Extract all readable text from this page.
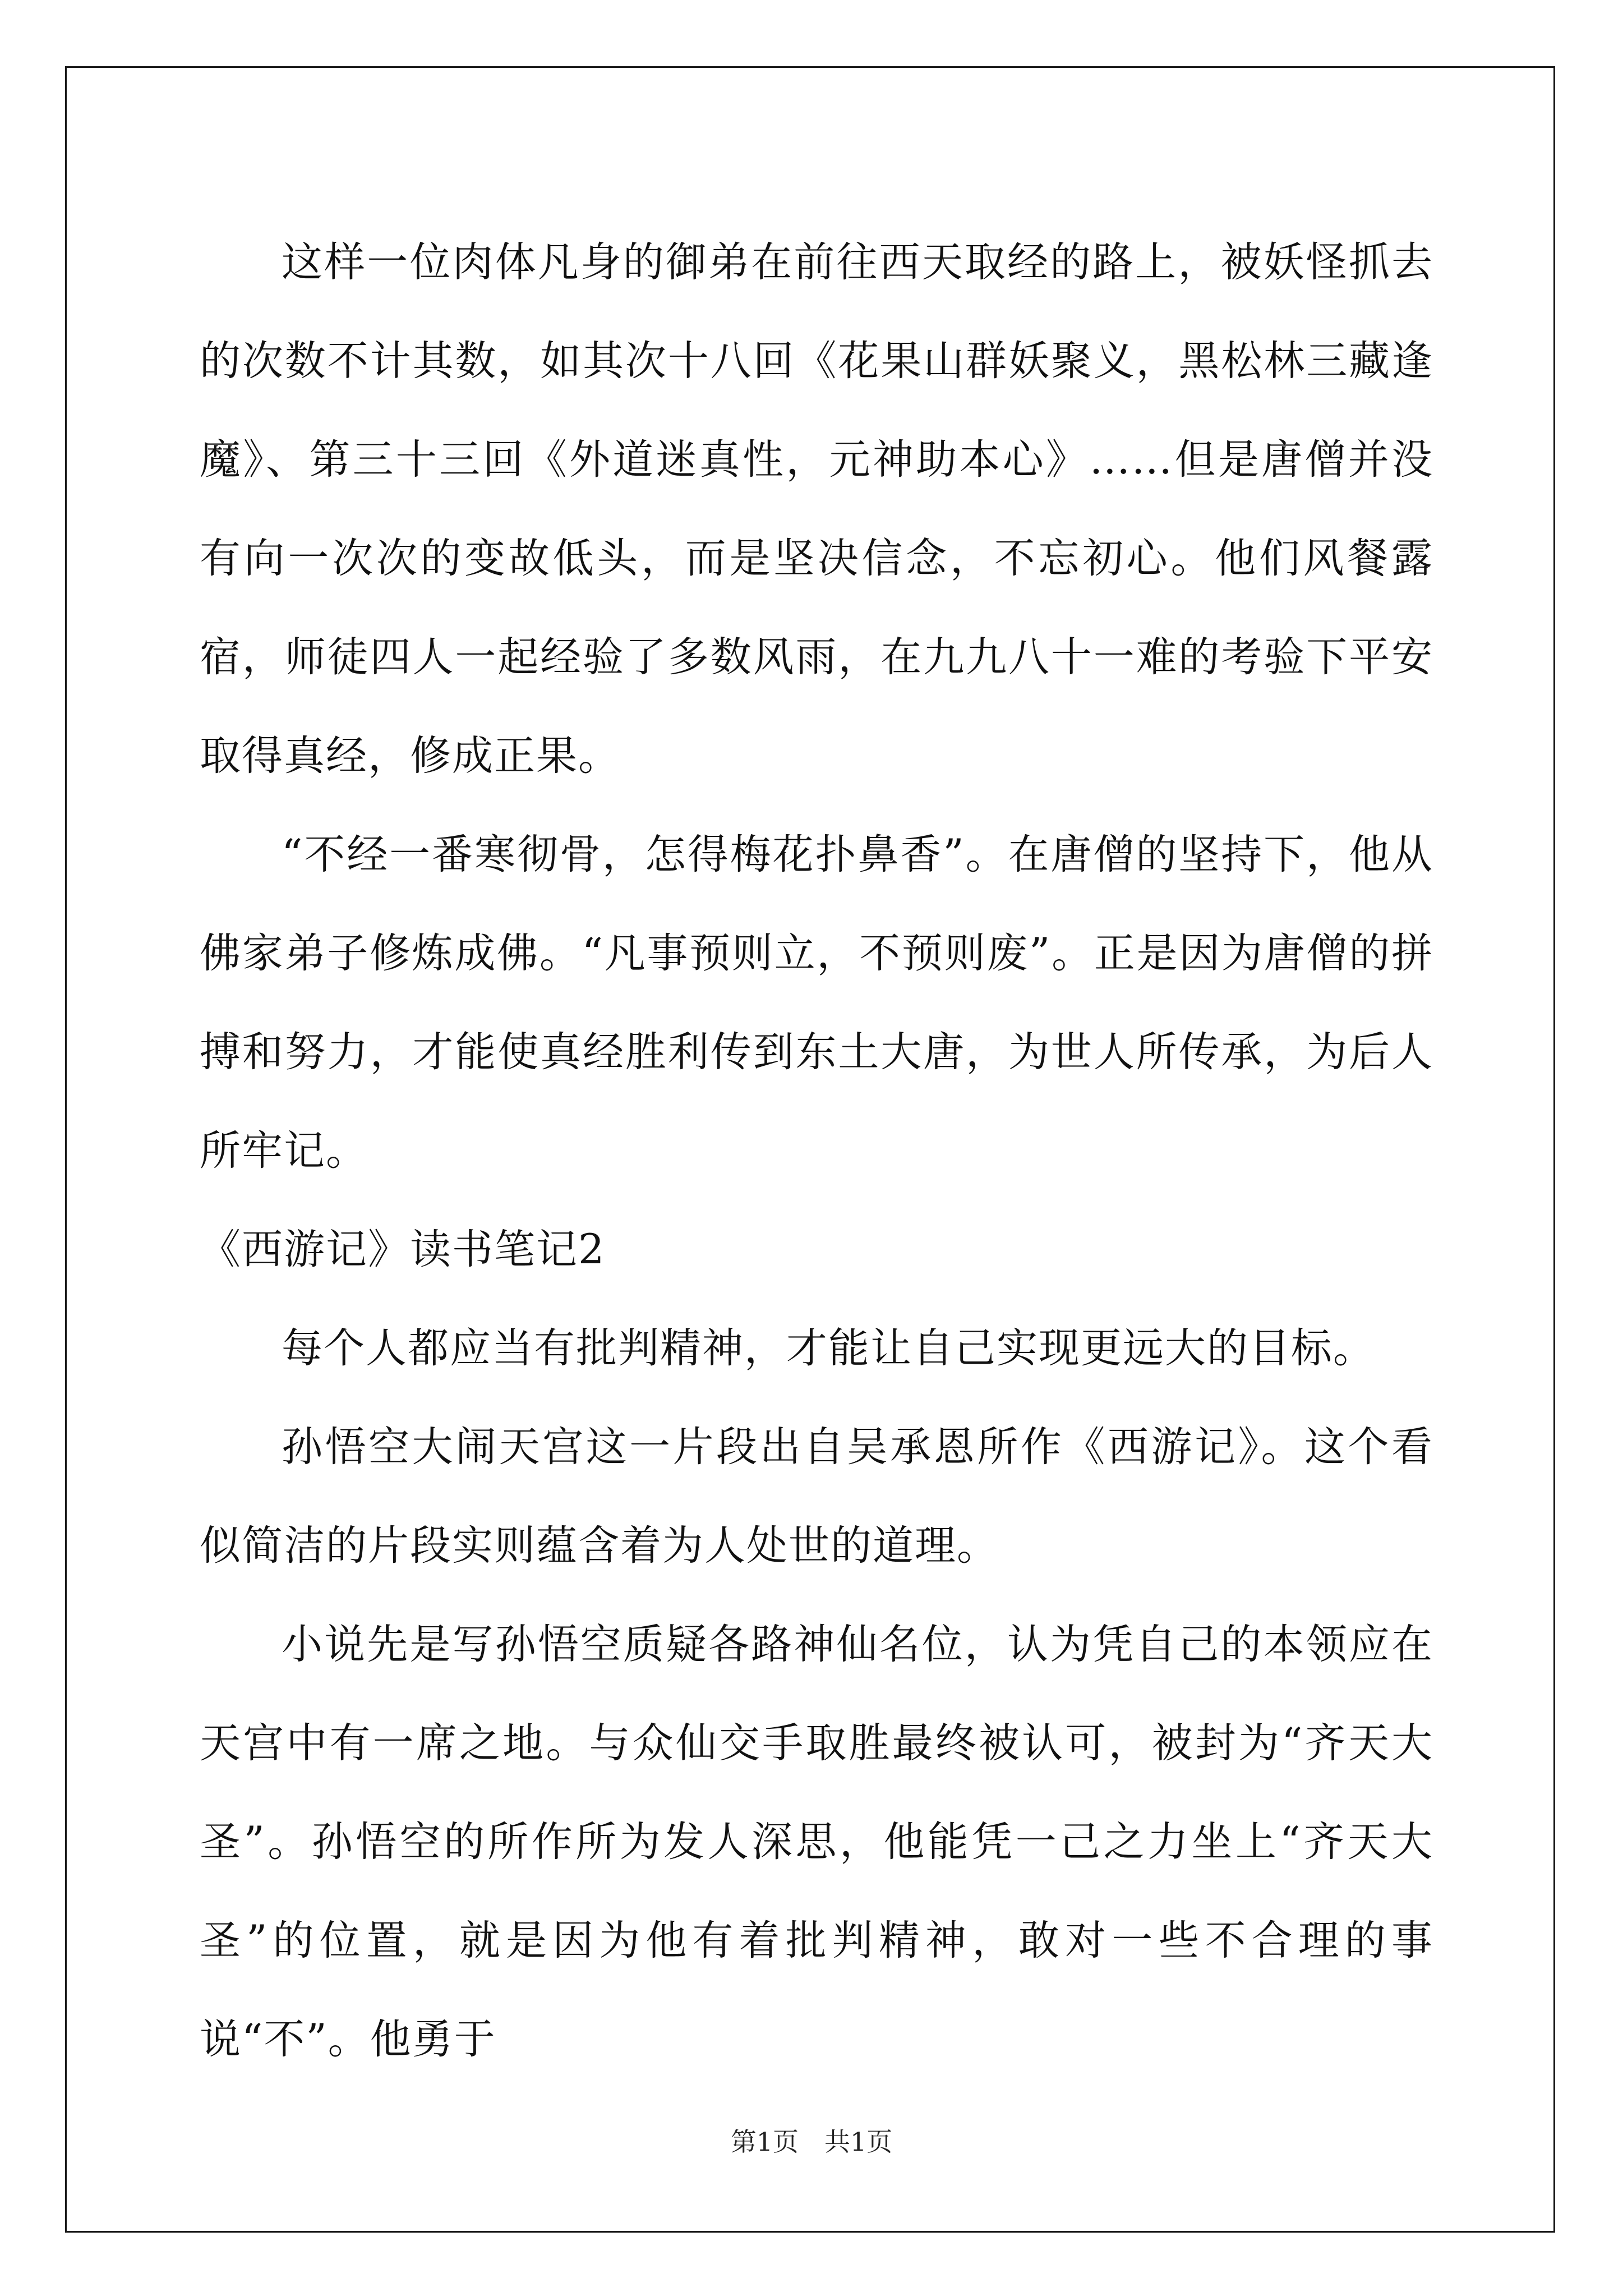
这样一位肉体凡身的御弟在前往西天取经的路上，被妖怪抓去的次数不计其数，如其次十八回《花果山群妖聚义，黑松林三藏逢魔》、第三十三回《外道迷真性，元神助本心》……但是唐僧并没有向一次次的变故低头，而是坚决信念，不忘初心。他们风餐露宿，师徒四人一起经验了多数风雨，在九九八十一难的考验下平安取得真经，修成正果。

“不经一番寒彻骨，怎得梅花扑鼻香”。在唐僧的坚持下，他从佛家弟子修炼成佛。“凡事预则立，不预则废”。正是因为唐僧的拼搏和努力，才能使真经胜利传到东土大唐，为世人所传承，为后人所牢记。

《西游记》读书笔记2

每个人都应当有批判精神，才能让自己实现更远大的目标。

孙悟空大闹天宫这一片段出自吴承恩所作《西游记》。这个看似简洁的片段实则蕴含着为人处世的道理。

小说先是写孙悟空质疑各路神仙名位，认为凭自己的本领应在天宫中有一席之地。与众仙交手取胜最终被认可，被封为“齐天大圣”。孙悟空的所作所为发人深思，他能凭一己之力坐上“齐天大圣”的位置，就是因为他有着批判精神，敢对一些不合理的事说“不”。他勇于

第1页　共1页
